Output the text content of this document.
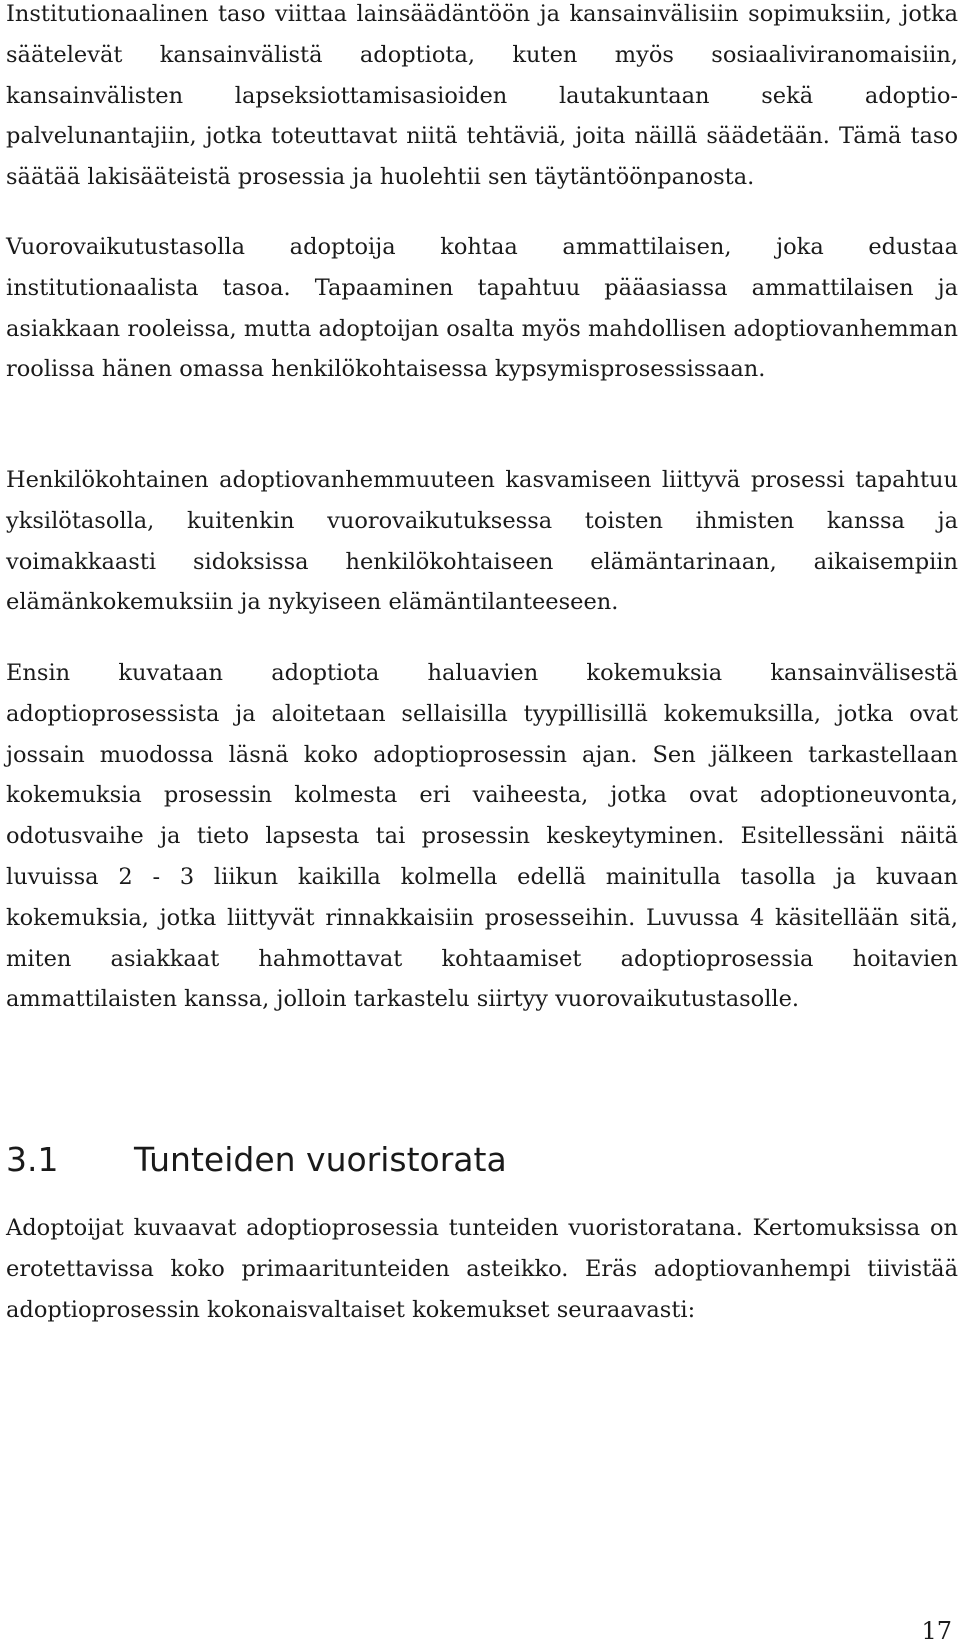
Institutionaalinen taso viittaa lainsäädäntöön ja kansainvälisiin sopimuksiin, jotka säätelevät kansainvälistä adoptiota, kuten myös sosiaaliviranomaisiin, kansainvälisten lapseksiottamisasioiden lautakuntaan sekä adoptio-palvelunantajiin, jotka toteuttavat niitä tehtäviä, joita näillä säädetään. Tämä taso säätää lakisääteistä prosessia ja huolehtii sen täytäntöönpanosta.

Vuorovaikutustasolla adoptoija kohtaa ammattilaisen, joka edustaa institutionaalista tasoa. Tapaaminen tapahtuu pääasiassa ammattilaisen ja asiakkaan rooleissa, mutta adoptoijan osalta myös mahdollisen adoptiovanhemman roolissa hänen omassa henkilökohtaisessa kypsymisprosessissaan.

Henkilökohtainen adoptiovanhemmuuteen kasvamiseen liittyvä prosessi tapahtuu yksilötasolla, kuitenkin vuorovaikutuksessa toisten ihmisten kanssa ja voimakkaasti sidoksissa henkilökohtaiseen elämäntarinaan, aikaisempiin elämänkokemuksiin ja nykyiseen elämäntilanteeseen.

Ensin kuvataan adoptiota haluavien kokemuksia kansainvälisestä adoptioprosessista ja aloitetaan sellaisilla tyypillisillä kokemuksilla, jotka ovat jossain muodossa läsnä koko adoptioprosessin ajan. Sen jälkeen tarkastellaan kokemuksia prosessin kolmesta eri vaiheesta, jotka ovat adoptioneuvonta, odotusvaihe ja tieto lapsesta tai prosessin keskeytyminen. Esitellessäni näitä luvuissa 2 - 3 liikun kaikilla kolmella edellä mainitulla tasolla ja kuvaan kokemuksia, jotka liittyvät rinnakkaisiin prosesseihin. Luvussa 4 käsitellään sitä, miten asiakkaat hahmottavat kohtaamiset adoptioprosessia hoitavien ammattilaisten kanssa, jolloin tarkastelu siirtyy vuorovaikutustasolle.

3.1 Tunteiden vuoristorata

Adoptoijat kuvaavat adoptioprosessia tunteiden vuoristoratana. Kertomuksissa on erotettavissa koko primaaritunteiden asteikko. Eräs adoptiovanhempi tiivistää adoptioprosessin kokonaisvaltaiset kokemukset seuraavasti:

17
